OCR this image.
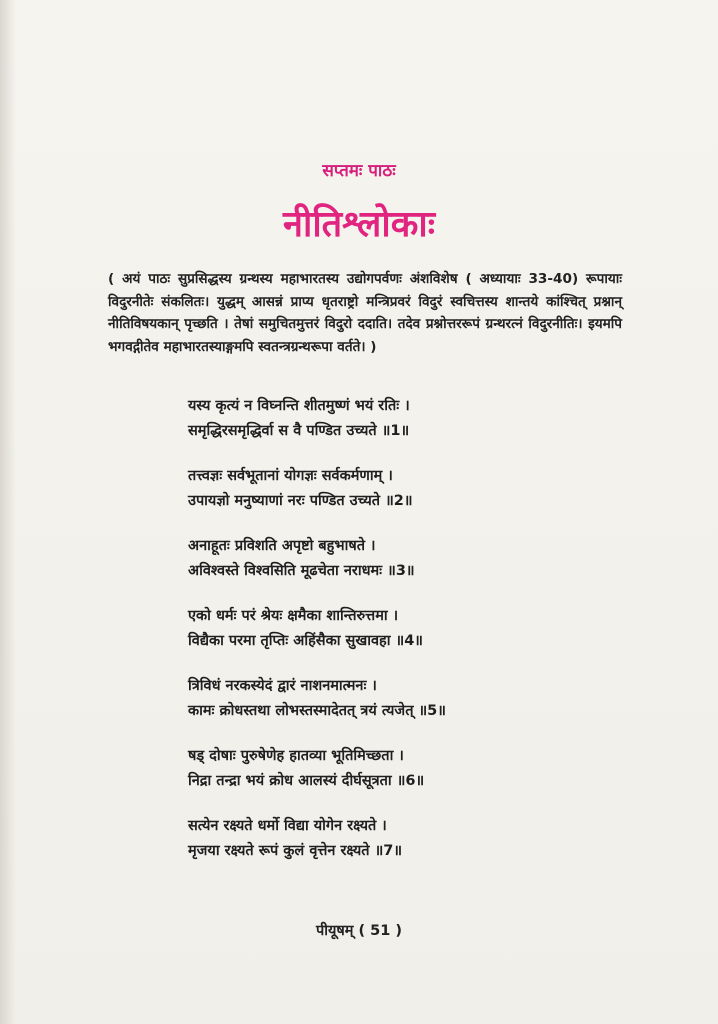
सप्तमः पाठः
नीतिश्लोकाः
( अयं पाठः सुप्रसिद्धस्य ग्रन्थस्य महाभारतस्य उद्योगपर्वणः अंशविशेष ( अध्यायाः 33-40) रूपायाः विदुरनीतेः संकलितः। युद्धम् आसन्नं प्राप्य धृतराष्ट्रो मन्त्रिप्रवरं विदुरं स्वचित्तस्य शान्तये कांश्चित् प्रश्नान् नीतिविषयकान् पृच्छति । तेषां समुचितमुत्तरं विदुरो ददाति। तदेव प्रश्नोत्तररूपं ग्रन्थरत्नं विदुरनीतिः। इयमपि भगवद्गीतेव महाभारतस्याङ्गमपि स्वतन्त्रग्रन्थरूपा वर्तते। )
यस्य कृत्यं न विघ्नन्ति शीतमुष्णं भयं रतिः ।
समृद्धिरसमृद्धिर्वा स वै पण्डित उच्यते ॥1॥
तत्त्वज्ञः सर्वभूतानां योगज्ञः सर्वकर्मणाम् ।
उपायज्ञो मनुष्याणां नरः पण्डित उच्यते ॥2॥
अनाहूतः प्रविशति अपृष्टो बहुभाषते ।
अविश्वस्ते विश्वसिति मूढचेता नराधमः ॥3॥
एको धर्मः परं श्रेयः क्षमैका शान्तिरुत्तमा ।
विद्यैका परमा तृप्तिः अहिंसैका सुखावहा ॥4॥
त्रिविधं नरकस्येदं द्वारं नाशनमात्मनः ।
कामः क्रोधस्तथा लोभस्तस्मादेतत् त्रयं त्यजेत् ॥5॥
षड् दोषाः पुरुषेणेह हातव्या भूतिमिच्छता ।
निद्रा तन्द्रा भयं क्रोध आलस्यं दीर्घसूत्रता ॥6॥
सत्येन रक्ष्यते धर्मो विद्या योगेन रक्ष्यते ।
मृजया रक्ष्यते रूपं कुलं वृत्तेन रक्ष्यते ॥7॥
पीयूषम् ( 51 )
